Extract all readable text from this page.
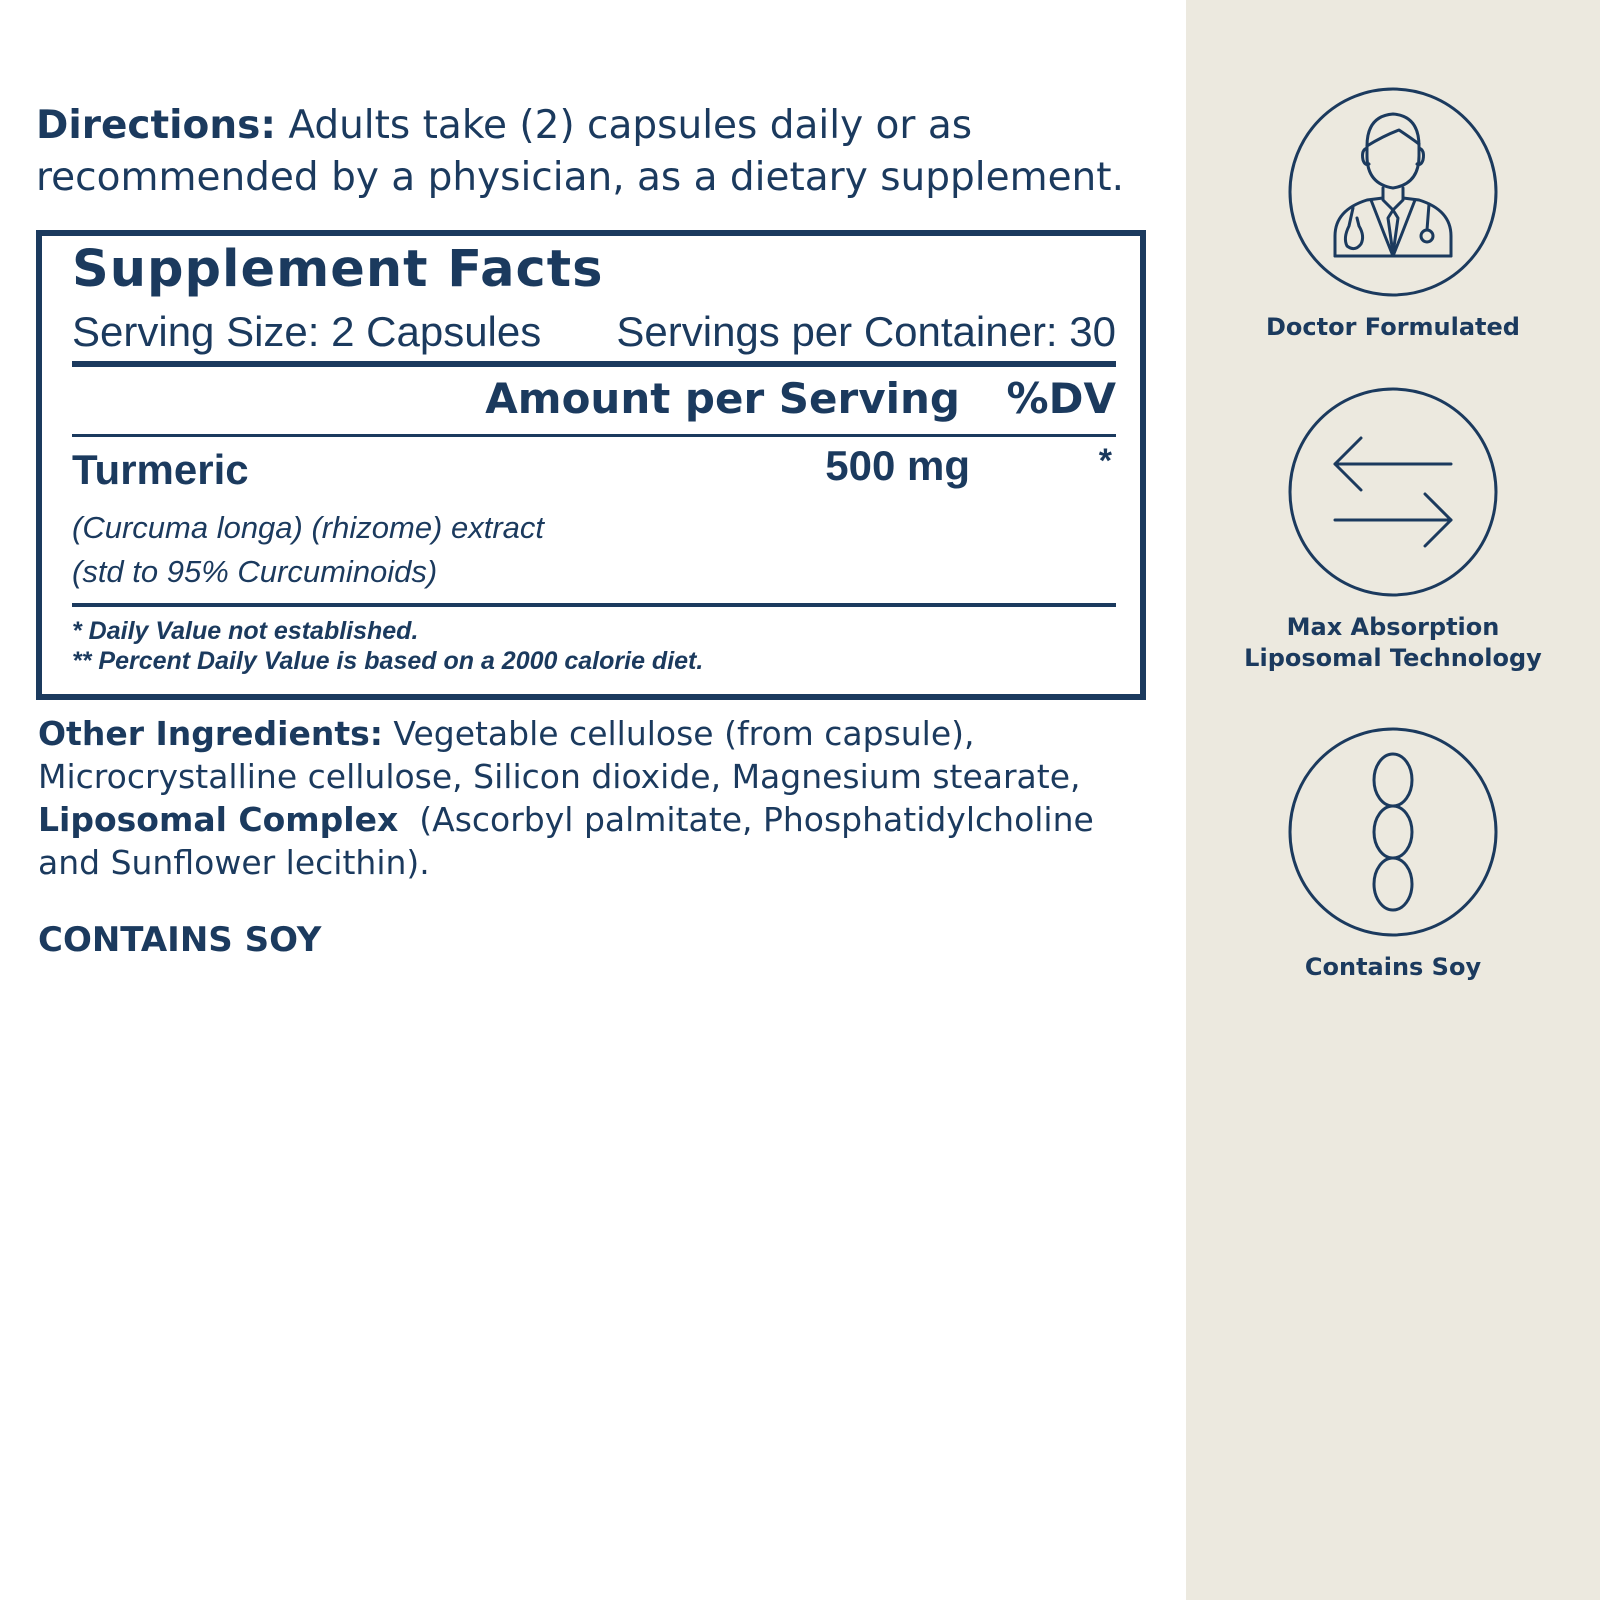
Directions: Adults take (2) capsules daily or as recommended by a physician, as a dietary supplement.

Supplement Facts
Serving Size: 2 Capsules Servings per Container: 30
Amount per Serving %DV
Turmeric	500 mg	*
(Curcuma longa) (rhizome) extract
(std to 95% Curcuminoids)
* Daily Value not established.
** Percent Daily Value is based on a 2000 calorie diet.

Other Ingredients: Vegetable cellulose (from capsule), Microcrystalline cellulose, Silicon dioxide, Magnesium stearate, Liposomal Complex  (Ascorbyl palmitate, Phosphatidylcholine and Sunflower lecithin).

CONTAINS SOY
Doctor Formulated
Max Absorption
Liposomal Technology
Contains Soy
